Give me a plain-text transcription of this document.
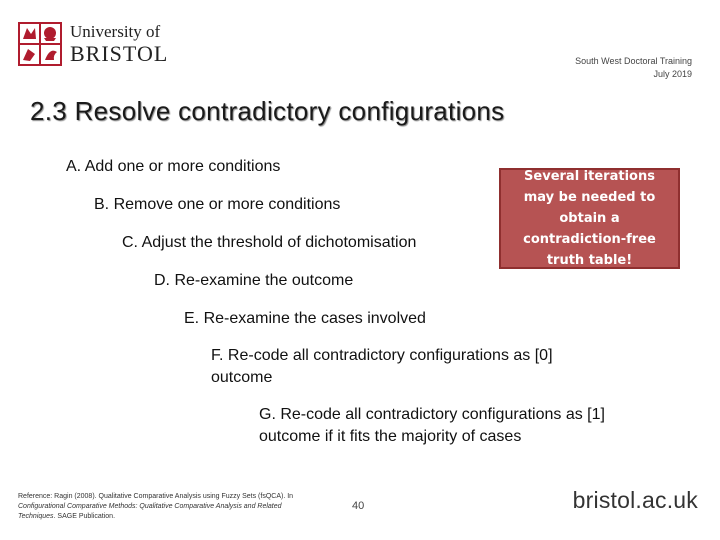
University of
BRISTOL	South West Doctoral Training
July 2019
2.3 Resolve contradictory configurations
A. Add one or more conditions
B. Remove one or more conditions
C. Adjust the threshold of dichotomisation
D. Re-examine the outcome
E. Re-examine the cases involved
F. Re-code all contradictory configurations as [0] outcome
G. Re-code all contradictory configurations as [1] outcome if it fits the majority of cases
Several iterations may be needed to obtain a contradiction-free truth table!
Reference: Ragin (2008). Qualitative Comparative Analysis using Fuzzy Sets (fsQCA). In Configurational Comparative Methods: Qualitative Comparative Analysis and Related Techniques. SAGE Publication.
40	bristol.ac.uk
